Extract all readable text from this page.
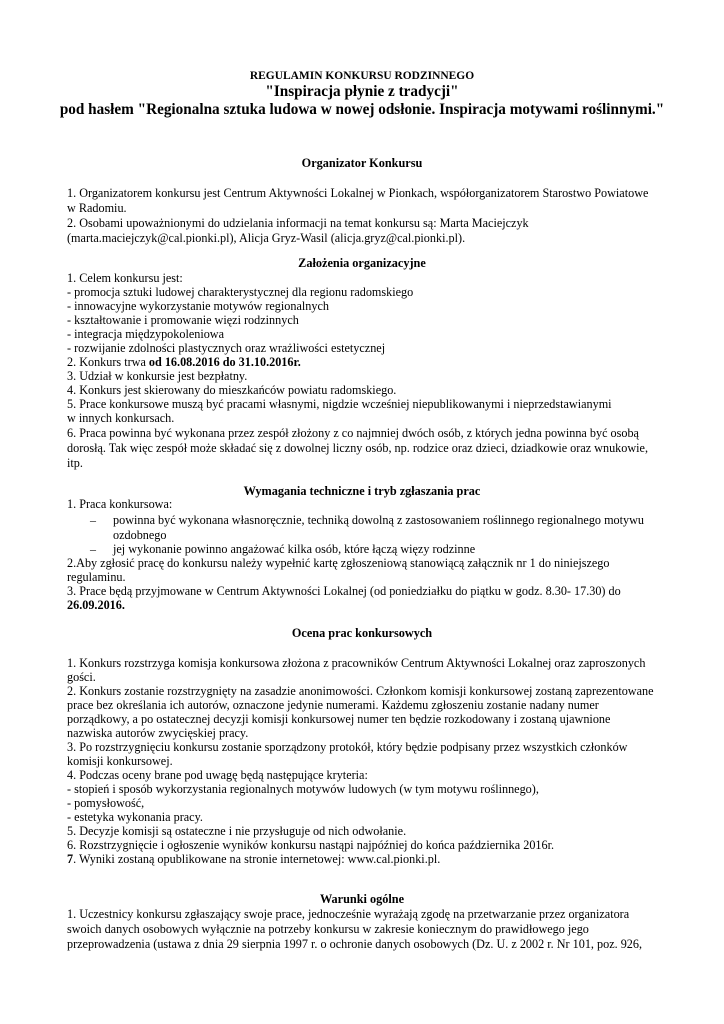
REGULAMIN KONKURSU RODZINNEGO
"Inspiracja płynie z tradycji"
pod hasłem "Regionalna sztuka ludowa w nowej odsłonie. Inspiracja motywami roślinnymi."
Organizator Konkursu
1. Organizatorem konkursu jest Centrum Aktywności Lokalnej w Pionkach, współorganizatorem Starostwo Powiatowe
w Radomiu.
2. Osobami upoważnionymi do udzielania informacji na temat konkursu są: Marta Maciejczyk
(marta.maciejczyk@cal.pionki.pl), Alicja Gryz-Wasil (alicja.gryz@cal.pionki.pl).
Założenia organizacyjne
1. Celem konkursu jest:
- promocja sztuki ludowej charakterystycznej dla regionu radomskiego
- innowacyjne wykorzystanie motywów regionalnych
- kształtowanie i promowanie więzi rodzinnych
- integracja międzypokoleniowa
- rozwijanie zdolności plastycznych oraz wrażliwości estetycznej
2. Konkurs trwa od 16.08.2016 do 31.10.2016r.
3. Udział w konkursie jest bezpłatny.
4. Konkurs jest skierowany do mieszkańców powiatu radomskiego.
5. Prace konkursowe muszą być pracami własnymi, nigdzie wcześniej niepublikowanymi i nieprzedstawianymi
w innych konkursach.
6. Praca powinna być wykonana przez zespół złożony z co najmniej dwóch osób, z których jedna powinna być osobą
dorosłą. Tak więc zespół może składać się z dowolnej liczny osób, np. rodzice oraz dzieci, dziadkowie oraz wnukowie,
itp.
Wymagania techniczne i tryb zgłaszania prac
1. Praca konkursowa:
– powinna być wykonana własnoręcznie, techniką dowolną z zastosowaniem roślinnego regionalnego motywu
ozdobnego
– jej wykonanie powinno angażować kilka osób, które łączą więzy rodzinne
2.Aby zgłosić pracę do konkursu należy wypełnić kartę zgłoszeniową stanowiącą załącznik nr 1 do niniejszego
regulaminu.
3. Prace będą przyjmowane w Centrum Aktywności Lokalnej (od poniedziałku do piątku w godz. 8.30- 17.30) do
26.09.2016.
Ocena prac konkursowych
1. Konkurs rozstrzyga komisja konkursowa złożona z pracowników Centrum Aktywności Lokalnej oraz zaproszonych
gości.
2. Konkurs zostanie rozstrzygnięty na zasadzie anonimowości. Członkom komisji konkursowej zostaną zaprezentowane
prace bez określania ich autorów, oznaczone jedynie numerami. Każdemu zgłoszeniu zostanie nadany numer
porządkowy, a po ostatecznej decyzji komisji konkursowej numer ten będzie rozkodowany i zostaną ujawnione
nazwiska autorów zwycięskiej pracy.
3. Po rozstrzygnięciu konkursu zostanie sporządzony protokół, który będzie podpisany przez wszystkich członków
komisji konkursowej.
4. Podczas oceny brane pod uwagę będą następujące kryteria:
- stopień i sposób wykorzystania regionalnych motywów ludowych (w tym motywu roślinnego),
- pomysłowość,
- estetyka wykonania pracy.
5. Decyzje komisji są ostateczne i nie przysługuje od nich odwołanie.
6. Rozstrzygnięcie i ogłoszenie wyników konkursu nastąpi najpóźniej do końca października 2016r.
7. Wyniki zostaną opublikowane na stronie internetowej: www.cal.pionki.pl.
Warunki ogólne
1. Uczestnicy konkursu zgłaszający swoje prace, jednocześnie wyrażają zgodę na przetwarzanie przez organizatora
swoich danych osobowych wyłącznie na potrzeby konkursu w zakresie koniecznym do prawidłowego jego
przeprowadzenia (ustawa z dnia 29 sierpnia 1997 r. o ochronie danych osobowych (Dz. U. z 2002 r. Nr 101, poz. 926,
